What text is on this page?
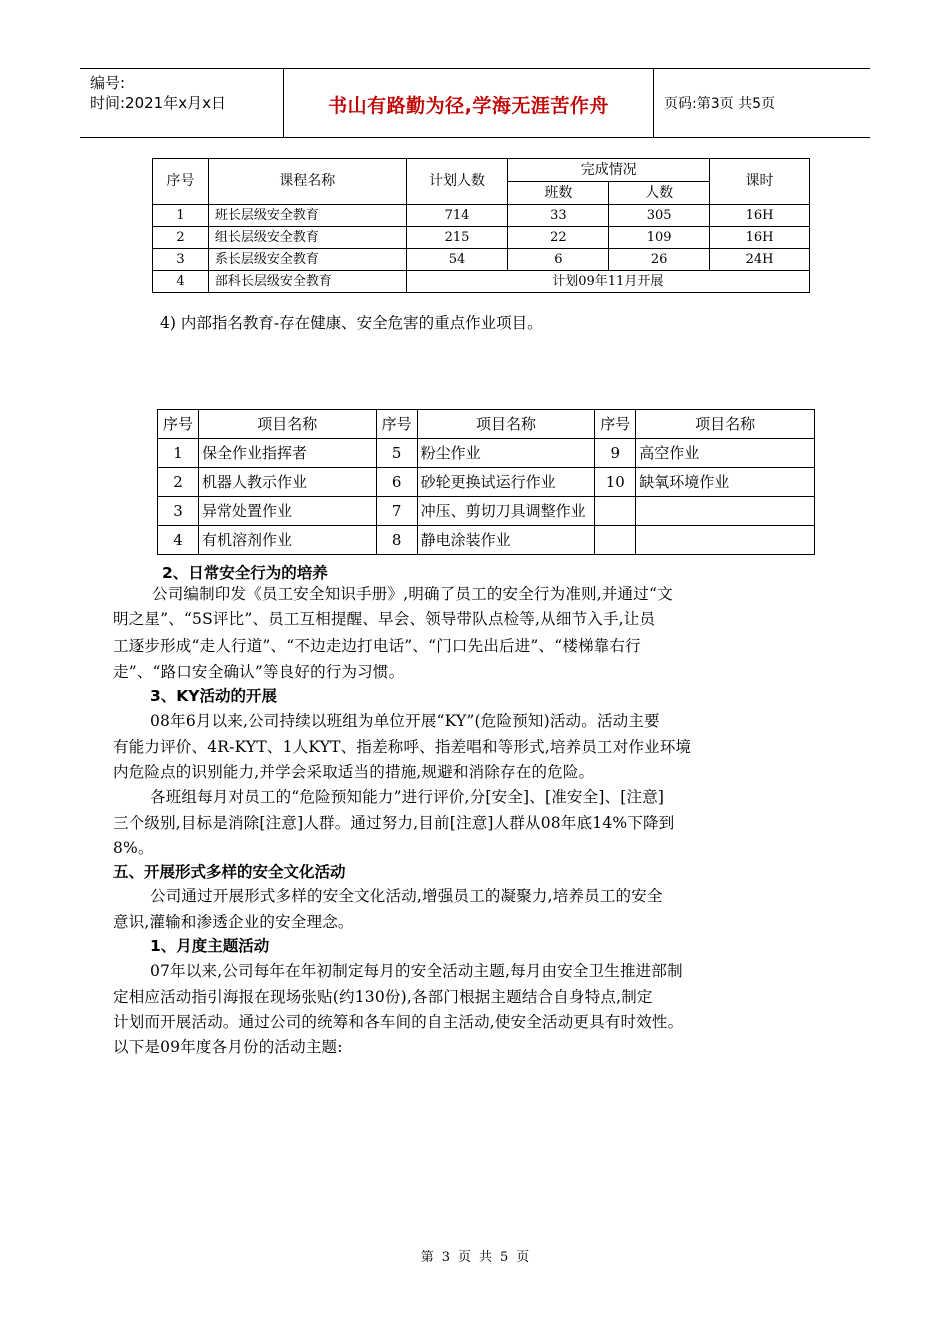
编号:
时间:2021年x月x日	书山有路勤为径,学海无涯苦作舟	页码:第3页 共5页
序号	课程名称	计划人数	完成情况		课时
			班数	人数	
1	班长层级安全教育	714	33	305	16H
2	组长层级安全教育	215	22	109	16H
3	系长层级安全教育	54	6	26	24H
4	部科长层级安全教育	计划09年11月开展			
4) 内部指名教育-存在健康、安全危害的重点作业项目。
序号	项目名称	序号	项目名称	序号	项目名称
1	保全作业指挥者	5	粉尘作业	9	高空作业
2	机器人教示作业	6	砂轮更换试运行作业	10	缺氧环境作业
3	异常处置作业	7	冲压、剪切刀具调整作业		
4	有机溶剂作业	8	静电涂装作业		
2、日常安全行为的培养
公司编制印发《员工安全知识手册》,明确了员工的安全行为准则,并通过“文
明之星”、“5S评比”、员工互相提醒、早会、领导带队点检等,从细节入手,让员
工逐步形成“走人行道”、“不边走边打电话”、“门口先出后进”、“楼梯靠右行
走”、“路口安全确认”等良好的行为习惯。
3、KY活动的开展
08年6月以来,公司持续以班组为单位开展“KY”(危险预知)活动。活动主要
有能力评价、4R-KYT、1人KYT、指差称呼、指差唱和等形式,培养员工对作业环境
内危险点的识别能力,并学会采取适当的措施,规避和消除存在的危险。
各班组每月对员工的“危险预知能力”进行评价,分[安全]、[准安全]、[注意]
三个级别,目标是消除[注意]人群。通过努力,目前[注意]人群从08年底14%下降到
8%。
五、开展形式多样的安全文化活动
公司通过开展形式多样的安全文化活动,增强员工的凝聚力,培养员工的安全
意识,灌输和渗透企业的安全理念。
1、月度主题活动
07年以来,公司每年在年初制定每月的安全活动主题,每月由安全卫生推进部制
定相应活动指引海报在现场张贴(约130份),各部门根据主题结合自身特点,制定
计划而开展活动。通过公司的统筹和各车间的自主活动,使安全活动更具有时效性。
以下是09年度各月份的活动主题:
第 3 页 共 5 页
